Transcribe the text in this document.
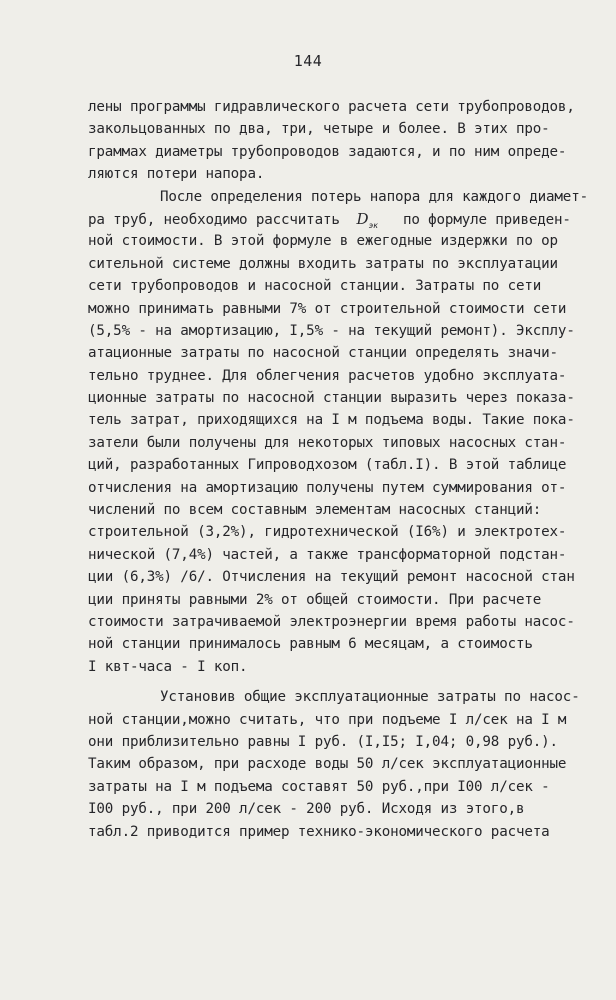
144
лены программы гидравлического расчета сети трубопроводов,
закольцованных по два, три, четыре и более. В этих про-
граммах диаметры трубопроводов задаются, и по ним опреде-
ляются потери напора.
После определения потерь напора для каждого диамет-
ра труб, необходимо рассчитать $D_{эк}$ по формуле приведен-
ной стоимости. В этой формуле в ежегодные издержки по ор
сительной системе должны входить затраты по эксплуатации
сети трубопроводов и насосной станции. Затраты по сети
можно принимать равными 7% от строительной стоимости сети
(5,5% - на амортизацию, I,5% - на текущий ремонт). Эксплу-
атационные затраты по насосной станции определять значи-
тельно труднее. Для облегчения расчетов удобно эксплуата-
ционные затраты по насосной станции выразить через показа-
тель затрат, приходящихся на I м подъема воды. Такие пока-
затели были получены для некоторых типовых насосных стан-
ций, разработанных Гипроводхозом (табл.I). В этой таблице
отчисления на амортизацию получены путем суммирования от-
числений по всем составным элементам насосных станций:
строительной (3,2%), гидротехнической (I6%) и электротех-
нической (7,4%) частей, а также трансформаторной подстан-
ции (6,3%) /6/. Отчисления на текущий ремонт насосной стан
ции приняты равными 2% от общей стоимости. При расчете
стоимости затрачиваемой электроэнергии время работы насос-
ной станции принималось равным 6 месяцам, а стоимость
I квт-часа - I коп.
Установив общие эксплуатационные затраты по насос-
ной станции,можно считать, что при подъеме I л/сек на I м
они приблизительно равны I руб. (I,I5; I,04; 0,98 руб.).
Таким образом, при расходе воды 50 л/сек эксплуатационные
затраты на I м подъема составят 50 руб.,при I00 л/сек -
I00 руб., при 200 л/сек - 200 руб. Исходя из этого,в
табл.2 приводится пример технико-экономического расчета
